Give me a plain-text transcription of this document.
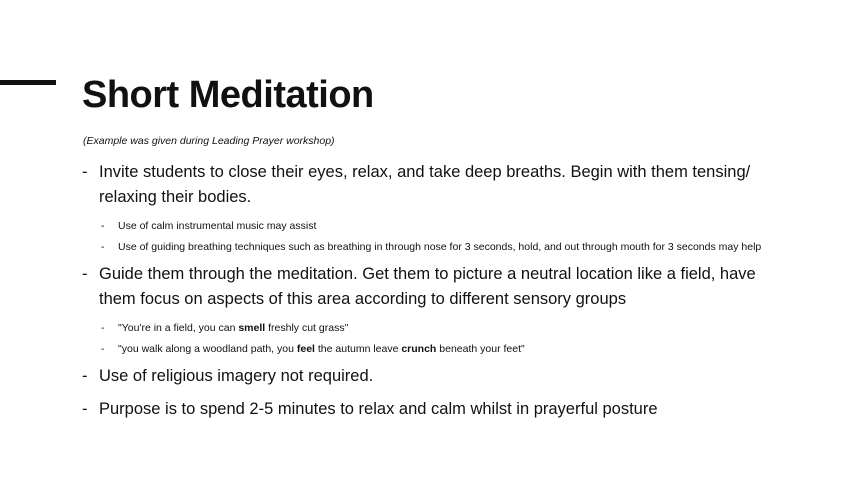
Short Meditation
(Example was given during Leading Prayer workshop)
- Invite students to close their eyes, relax, and take deep breaths. Begin with them tensing/ relaxing their bodies.
- Use of calm instrumental music may assist
- Use of guiding breathing techniques such as breathing in through nose for 3 seconds, hold, and out through mouth for 3 seconds may help
- Guide them through the meditation. Get them to picture a neutral location like a field, have them focus on aspects of this area according to different sensory groups
- "You're in a field, you can smell freshly cut grass"
- "you walk along a woodland path, you feel the autumn leave crunch beneath your feet"
- Use of religious imagery not required.
- Purpose is to spend 2-5 minutes to relax and calm whilst in prayerful posture
